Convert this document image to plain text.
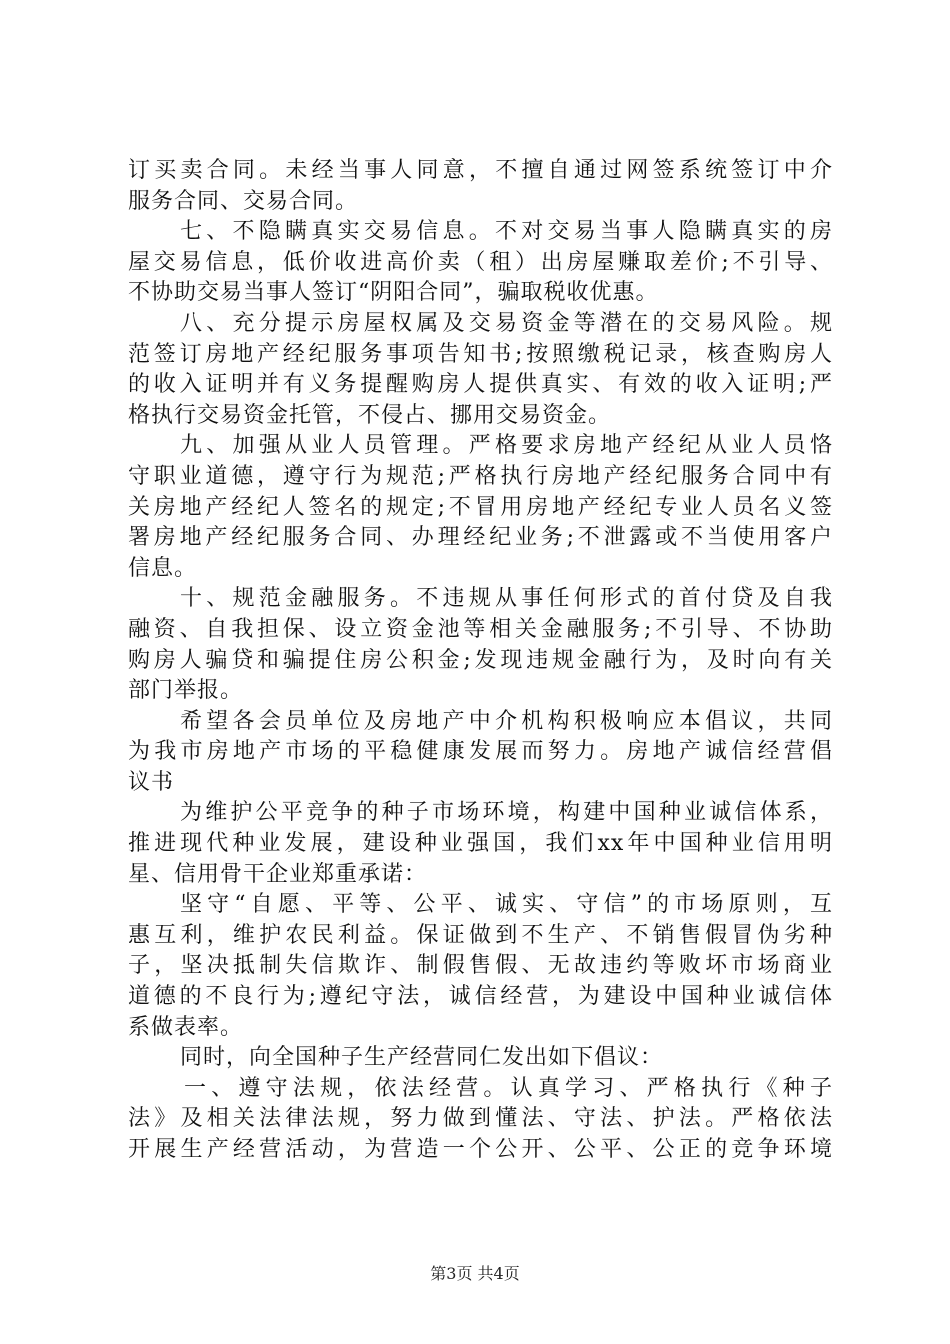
订买卖合同。未经当事人同意，不擅自通过网签系统签订中介
服务合同、交易合同。
七、不隐瞒真实交易信息。不对交易当事人隐瞒真实的房
屋交易信息，低价收进高价卖（租）出房屋赚取差价;不引导、
不协助交易当事人签订“阴阳合同”，骗取税收优惠。
八、充分提示房屋权属及交易资金等潜在的交易风险。规
范签订房地产经纪服务事项告知书;按照缴税记录，核查购房人
的收入证明并有义务提醒购房人提供真实、有效的收入证明;严
格执行交易资金托管，不侵占、挪用交易资金。
九、加强从业人员管理。严格要求房地产经纪从业人员恪
守职业道德，遵守行为规范;严格执行房地产经纪服务合同中有
关房地产经纪人签名的规定;不冒用房地产经纪专业人员名义签
署房地产经纪服务合同、办理经纪业务;不泄露或不当使用客户
信息。
十、规范金融服务。不违规从事任何形式的首付贷及自我
融资、自我担保、设立资金池等相关金融服务;不引导、不协助
购房人骗贷和骗提住房公积金;发现违规金融行为，及时向有关
部门举报。
希望各会员单位及房地产中介机构积极响应本倡议，共同
为我市房地产市场的平稳健康发展而努力。房地产诚信经营倡
议书
为维护公平竞争的种子市场环境，构建中国种业诚信体系，
推进现代种业发展，建设种业强国，我们xx年中国种业信用明
星、信用骨干企业郑重承诺：
坚守“自愿、平等、公平、诚实、守信”的市场原则，互
惠互利，维护农民利益。保证做到不生产、不销售假冒伪劣种
子，坚决抵制失信欺诈、制假售假、无故违约等败坏市场商业
道德的不良行为;遵纪守法，诚信经营，为建设中国种业诚信体
系做表率。
同时，向全国种子生产经营同仁发出如下倡议：
一、遵守法规，依法经营。认真学习、严格执行《种子
法》及相关法律法规，努力做到懂法、守法、护法。严格依法
开展生产经营活动，为营造一个公开、公平、公正的竞争环境
第3页 共4页
